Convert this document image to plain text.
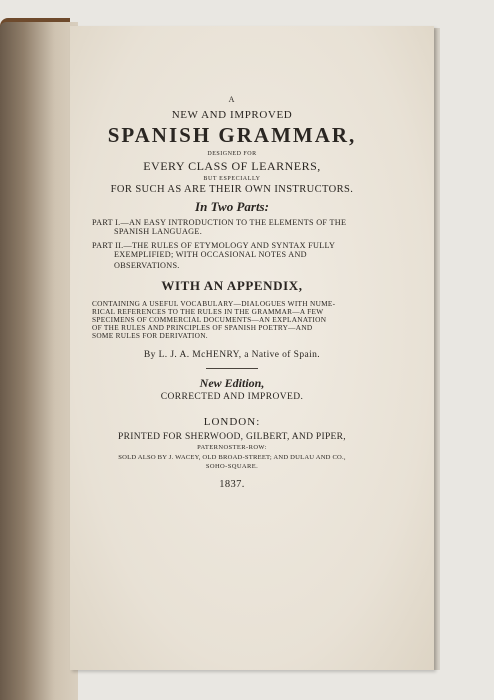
A
NEW AND IMPROVED
SPANISH GRAMMAR,
DESIGNED FOR
EVERY CLASS OF LEARNERS,
BUT ESPECIALLY
FOR SUCH AS ARE THEIR OWN INSTRUCTORS.
In Two Parts:
PART I.—AN EASY INTRODUCTION TO THE ELEMENTS OF THE
SPANISH LANGUAGE.
PART II.—THE RULES OF ETYMOLOGY AND SYNTAX FULLY
EXEMPLIFIED; WITH OCCASIONAL NOTES AND
OBSERVATIONS.
WITH AN APPENDIX,
CONTAINING A USEFUL VOCABULARY—DIALOGUES WITH NUME-
RICAL REFERENCES TO THE RULES IN THE GRAMMAR—A FEW
SPECIMENS OF COMMERCIAL DOCUMENTS—AN EXPLANATION
OF THE RULES AND PRINCIPLES OF SPANISH POETRY—AND
SOME RULES FOR DERIVATION.
By L. J. A. McHENRY, a Native of Spain.
New Edition,
CORRECTED AND IMPROVED.
LONDON:
PRINTED FOR SHERWOOD, GILBERT, AND PIPER,
PATERNOSTER-ROW:
SOLD ALSO BY J. WACEY, OLD BROAD-STREET; AND DULAU AND CO.,
SOHO-SQUARE.
1837.
